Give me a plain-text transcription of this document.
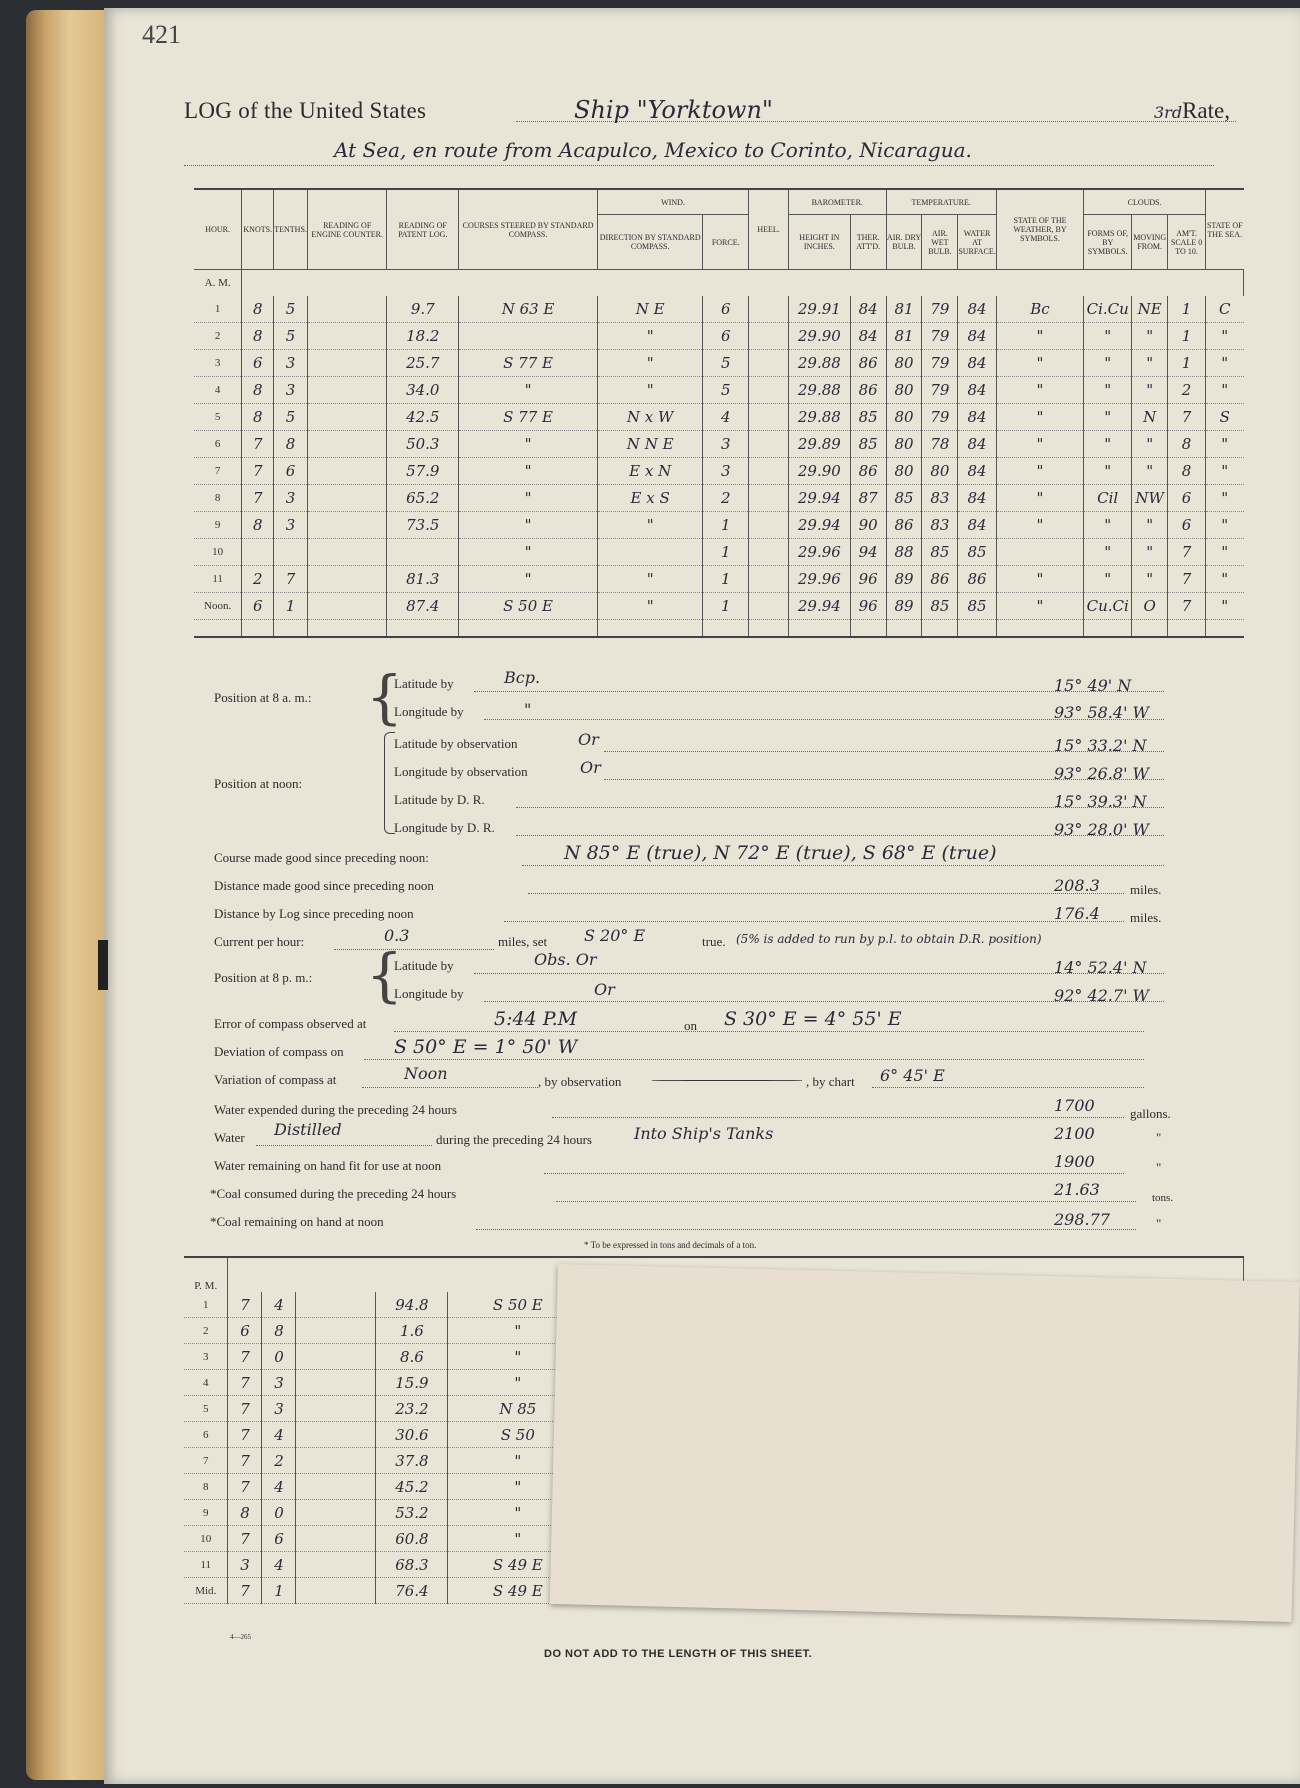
421
LOG of the United States	Ship "Yorktown"	3rdRate,
At Sea, en route from Acapulco, Mexico to Corinto, Nicaragua.
HOUR.	KNOTS.	TENTHS.	READING OF ENGINE COUNTER.	READING OF PATENT LOG.	COURSES STEERED BY STANDARD COMPASS.	WIND.		HEEL.	BAROMETER.		TEMPERATURE.			STATE OF THE WEATHER, BY SYMBOLS.	CLOUDS.			STATE OF THE SEA.
						DIRECTION BY STANDARD COMPASS.	FORCE.		HEIGHT IN INCHES.	THER. ATT'D.	AIR. DRY BULB.	AIR. WET BULB.	WATER AT SURFACE.		FORMS OF, BY SYMBOLS.	MOVING FROM.	AM'T. SCALE 0 TO 10.	
A. M.																		
1	8	5		9.7	N 63 E	N E	6		29.91	84	81	79	84	Bc	Ci.Cu	NE	1	C
2	8	5		18.2		"	6		29.90	84	81	79	84	"	"	"	1	"
3	6	3		25.7	S 77 E	"	5		29.88	86	80	79	84	"	"	"	1	"
4	8	3		34.0	"	"	5		29.88	86	80	79	84	"	"	"	2	"
5	8	5		42.5	S 77 E	N x W	4		29.88	85	80	79	84	"	"	N	7	S
6	7	8		50.3	"	N N E	3		29.89	85	80	78	84	"	"	"	8	"
7	7	6		57.9	"	E x N	3		29.90	86	80	80	84	"	"	"	8	"
8	7	3		65.2	"	E x S	2		29.94	87	85	83	84	"	Cil	NW	6	"
9	8	3		73.5	"	"	1		29.94	90	86	83	84	"	"	"	6	"
10					"		1		29.96	94	88	85	85		"	"	7	"
11	2	7		81.3	"	"	1		29.96	96	89	86	86	"	"	"	7	"
Noon.	6	1		87.4	S 50 E	"	1		29.94	96	89	85	85	"	Cu.Ci	O	7	"

Position at 8 a. m.: {
Latitude by	Bcp.	15° 49' N
Longitude by	"	93° 58.4' W
Position at noon:
Latitude by observation	Or	15° 33.2' N
Longitude by observation	Or	93° 26.8' W
Latitude by D. R.	15° 39.3' N
Longitude by D. R.	93° 28.0' W
Course made good since preceding noon:	N 85° E (true), N 72° E (true), S 68° E (true)
Distance made good since preceding noon	208.3 miles.
Distance by Log since preceding noon	176.4 miles.
Current per hour:	0.3	miles, set S 20° E	true. (5% is added to run by p.l. to obtain D.R. position)
Position at 8 p. m.: {
Latitude by	Obs. Or	14° 52.4' N
Longitude by	Or	92° 42.7' W
Error of compass observed at	5:44 P.M	on S 30° E = 4° 55' E
Deviation of compass on	S 50° E = 1° 50' W
Variation of compass at	Noon	, by observation	, by chart 6° 45' E
Water expended during the preceding 24 hours	1700	gallons.
Water Distilled
during the preceding 24 hours	Into Ship's Tanks	2100	"
Water remaining on hand fit for use at noon	1900	"
*Coal consumed during the preceding 24 hours	21.63	tons.
*Coal remaining on hand at noon	298.77	"
* To be expressed in tons and decimals of a ton.
P. M.						
1	7	4		94.8	S 50 E	
2	6	8		1.6	"	
3	7	0		8.6	"	
4	7	3		15.9	"	
5	7	3		23.2	N 85	
6	7	4		30.6	S 50	
7	7	2		37.8	"	
8	7	4		45.2	"	
9	8	0		53.2	"	
10	7	6		60.8	"	
11	3	4		68.3	S 49 E	
Mid.	7	1		76.4	S 49 E	
4—265
DO NOT ADD TO THE LENGTH OF THIS SHEET.
